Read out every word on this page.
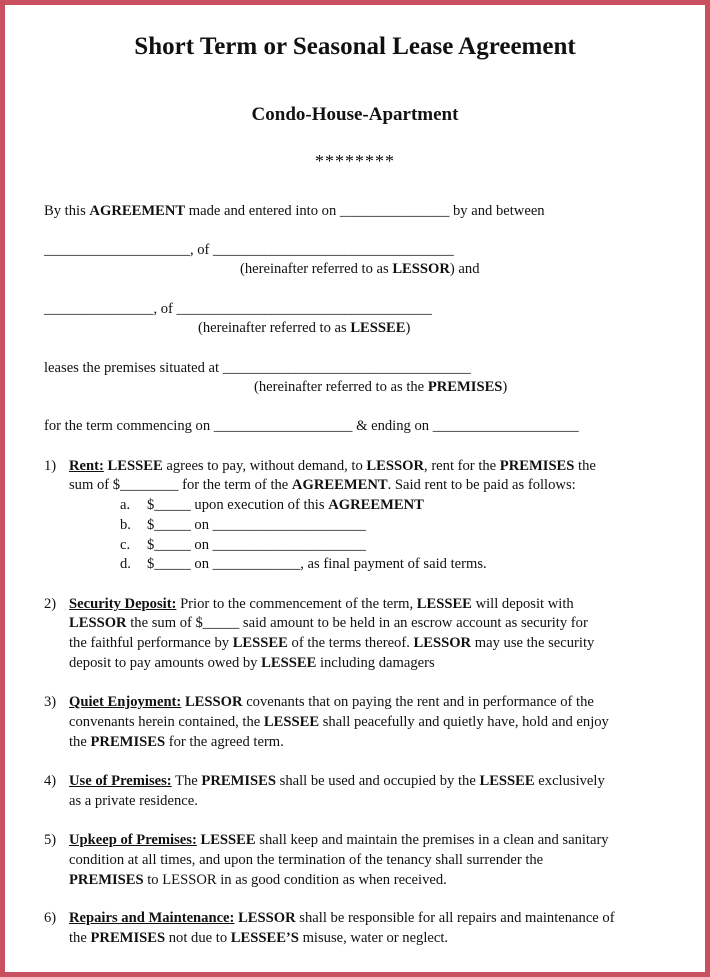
Short Term or Seasonal Lease Agreement
Condo-House-Apartment
********
By this AGREEMENT made and entered into on _______________ by and between
____________________, of _________________________________
(hereinafter referred to as LESSOR) and
_______________, of ___________________________________
(hereinafter referred to as LESSEE)
leases the premises situated at __________________________________
(hereinafter referred to as the PREMISES)
for the term commencing on ___________________ & ending on ____________________
1) Rent: LESSEE agrees to pay, without demand, to LESSOR, rent for the PREMISES the
sum of $________ for the term of the AGREEMENT. Said rent to be paid as follows:
a. $_____ upon execution of this AGREEMENT
b. $_____ on _____________________
c. $_____ on _____________________
d. $_____ on ____________, as final payment of said terms.
2) Security Deposit: Prior to the commencement of the term, LESSEE will deposit with
LESSOR the sum of $_____ said amount to be held in an escrow account as security for
the faithful performance by LESSEE of the terms thereof. LESSOR may use the security
deposit to pay amounts owed by LESSEE including damagers
3) Quiet Enjoyment: LESSOR covenants that on paying the rent and in performance of the
convenants herein contained, the LESSEE shall peacefully and quietly have, hold and enjoy
the PREMISES for the agreed term.
4) Use of Premises: The PREMISES shall be used and occupied by the LESSEE exclusively
as a private residence.
5) Upkeep of Premises: LESSEE shall keep and maintain the premises in a clean and sanitary
condition at all times, and upon the termination of the tenancy shall surrender the
PREMISES to LESSOR in as good condition as when received.
6) Repairs and Maintenance: LESSOR shall be responsible for all repairs and maintenance of
the PREMISES not due to LESSEE’S misuse, water or neglect.
